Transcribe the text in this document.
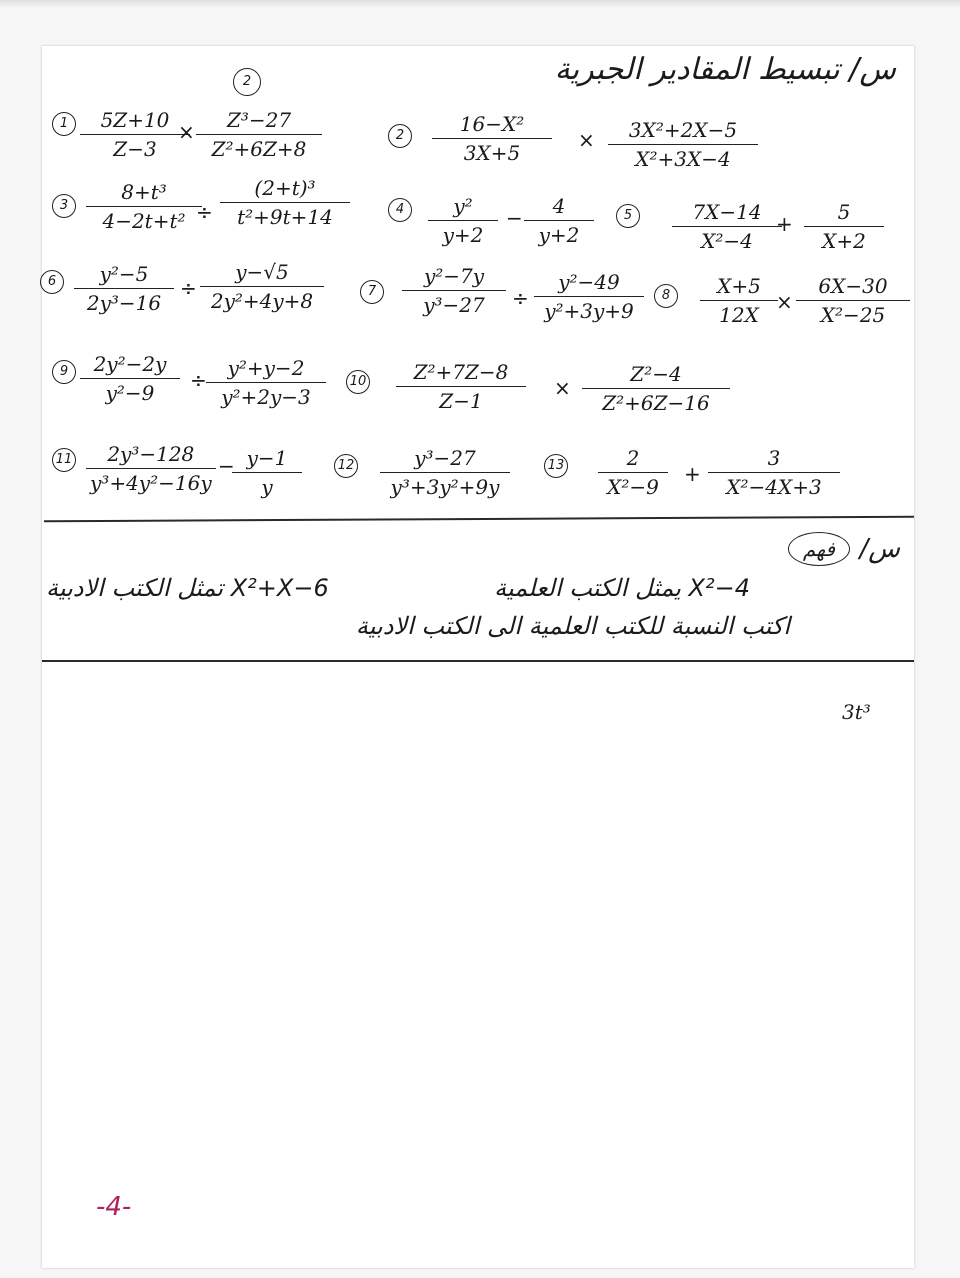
س/ تبسيط المقادير الجبرية
2
$1 \frac{5Z+10}{Z-3}$
× $\frac{\text{Z³−27}}{\text{Z²+6Z+8}}$	2	$\frac{\text{16−X²}}{3X+5} \times \frac{\text{3X²+2X−5}}{\text{X²+3X−4}}$
$3 \frac{\text{8+t³}}{\text{4−2t+t²}}$
÷ $\frac{\text{(2+t)³}}{\text{t²+9t+14}}$	4	$\frac{\text{y²}}{y+2} - \frac{4}{y+2}$	5	$\frac{7X-14}{\text{X²−4}}$
+ $\frac{5}{X+2}$
$6 \frac{\text{y²−5}}{\text{2y³−16}} \div \frac{y-√5}{\text{2y²+4y+8}}$	7	$\frac{\text{y²−7y}}{\text{y³−27}} \div \frac{\text{y²−49}}{\text{y²+3y+9}}$	8	$\frac{X+5}{12X}$
× $\frac{6X-30}{\text{X²−25}}$
$9 \frac{\text{2y²−2y}}{\text{y²−9}} \div \frac{\text{y²+y−2}}{\text{y²+2y−3}} 10 \frac{\text{Z²+7Z−8}}{Z-1} \times \frac{\text{Z²−4}}{\text{Z²+6Z−16}}$
$11 \frac{\text{2y³−128}}{\text{y³+4y²−16y}}$ −
$\frac{y-1}{y}$	$12 \frac{\text{y³−27}}{\text{y³+3y²+9y}}$	$13 \frac{2}{\text{X²−9}} + \frac{3}{\text{X²−4X+3}}$
س/
فهم
X²−4 يمثل الكتب العلمية
X²+X−6 تمثل الكتب الادبية
اكتب النسبة للكتب العلمية الى الكتب الادبية
3t³
-4-
